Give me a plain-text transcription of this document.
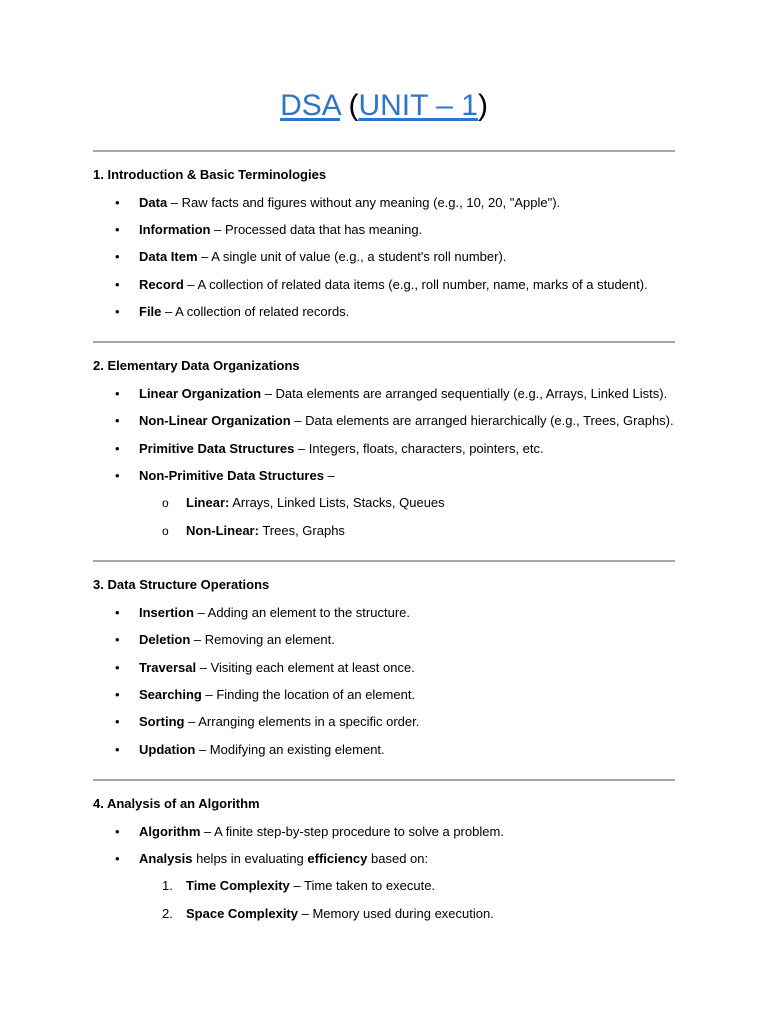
DSA (UNIT – 1)
1. Introduction & Basic Terminologies
• Data – Raw facts and figures without any meaning (e.g., 10, 20, "Apple").
• Information – Processed data that has meaning.
• Data Item – A single unit of value (e.g., a student's roll number).
• Record – A collection of related data items (e.g., roll number, name, marks of a student).
• File – A collection of related records.
2. Elementary Data Organizations
• Linear Organization – Data elements are arranged sequentially (e.g., Arrays, Linked Lists).
• Non-Linear Organization – Data elements are arranged hierarchically (e.g., Trees, Graphs).
• Primitive Data Structures – Integers, floats, characters, pointers, etc.
• Non-Primitive Data Structures –
o Linear: Arrays, Linked Lists, Stacks, Queues
o Non-Linear: Trees, Graphs
3. Data Structure Operations
• Insertion – Adding an element to the structure.
• Deletion – Removing an element.
• Traversal – Visiting each element at least once.
• Searching – Finding the location of an element.
• Sorting – Arranging elements in a specific order.
• Updation – Modifying an existing element.
4. Analysis of an Algorithm
• Algorithm – A finite step-by-step procedure to solve a problem.
• Analysis helps in evaluating efficiency based on:
1. Time Complexity – Time taken to execute.
2. Space Complexity – Memory used during execution.
